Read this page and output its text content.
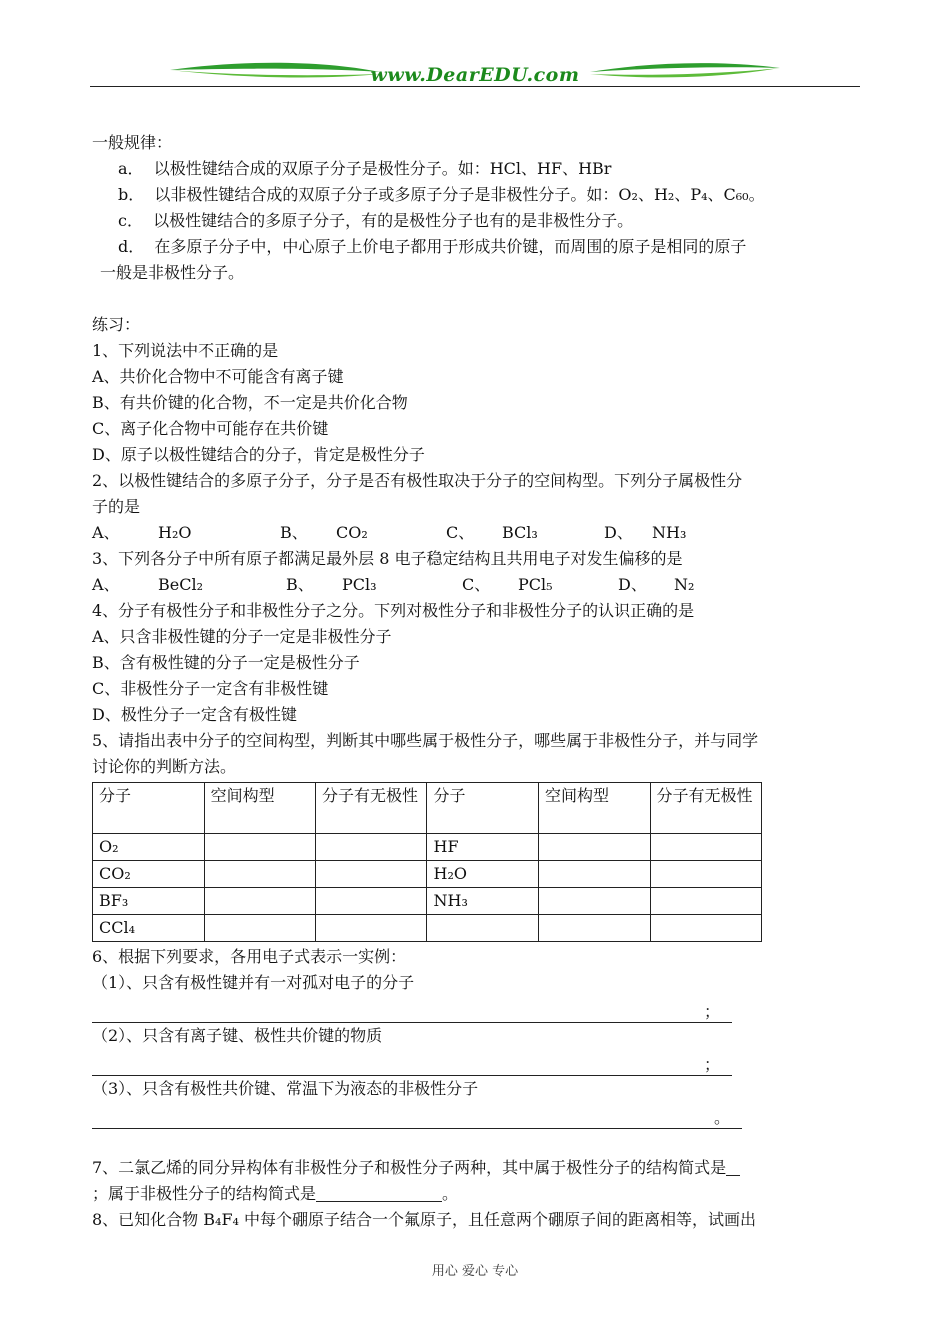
www.DearEDU.com
一般规律：
a． 以极性键结合成的双原子分子是极性分子。如：HCl、HF、HBr
b． 以非极性键结合成的双原子分子或多原子分子是非极性分子。如：O₂、H₂、P₄、C₆₀。
c． 以极性键结合的多原子分子，有的是极性分子也有的是非极性分子。
d． 在多原子分子中，中心原子上价电子都用于形成共价键，而周围的原子是相同的原子
一般是非极性分子。
练习：
1、下列说法中不正确的是
A、共价化合物中不可能含有离子键
B、有共价键的化合物，不一定是共价化合物
C、离子化合物中可能存在共价键
D、原子以极性键结合的分子，肯定是极性分子
2、以极性键结合的多原子分子，分子是否有极性取决于分子的空间构型。下列分子属极性分
子的是
A、 H₂O	B、 CO₂	C、 BCl₃	D、 NH₃
3、下列各分子中所有原子都满足最外层 8 电子稳定结构且共用电子对发生偏移的是
A、 BeCl₂	B、 PCl₃	C、 PCl₅	D、 N₂
4、分子有极性分子和非极性分子之分。下列对极性分子和非极性分子的认识正确的是
A、只含非极性键的分子一定是非极性分子
B、含有极性键的分子一定是极性分子
C、非极性分子一定含有非极性键
D、极性分子一定含有极性键
5、请指出表中分子的空间构型，判断其中哪些属于极性分子，哪些属于非极性分子，并与同学
讨论你的判断方法。
分子	空间构型	分子有无极性	分子	空间构型	分子有无极性
O₂			HF		
CO₂			H₂O		
BF₃			NH₃		
CCl₄					
6、根据下列要求，各用电子式表示一实例：
（1）、只含有极性键并有一对孤对电子的分子
；
（2）、只含有离子键、极性共价键的物质
；
（3）、只含有极性共价键、常温下为液态的非极性分子
。
7、二氯乙烯的同分异构体有非极性分子和极性分子两种，其中属于极性分子的结构简式是
；属于非极性分子的结构简式是	。
8、已知化合物 B₄F₄ 中每个硼原子结合一个氟原子，且任意两个硼原子间的距离相等，试画出
用心 爱心 专心
